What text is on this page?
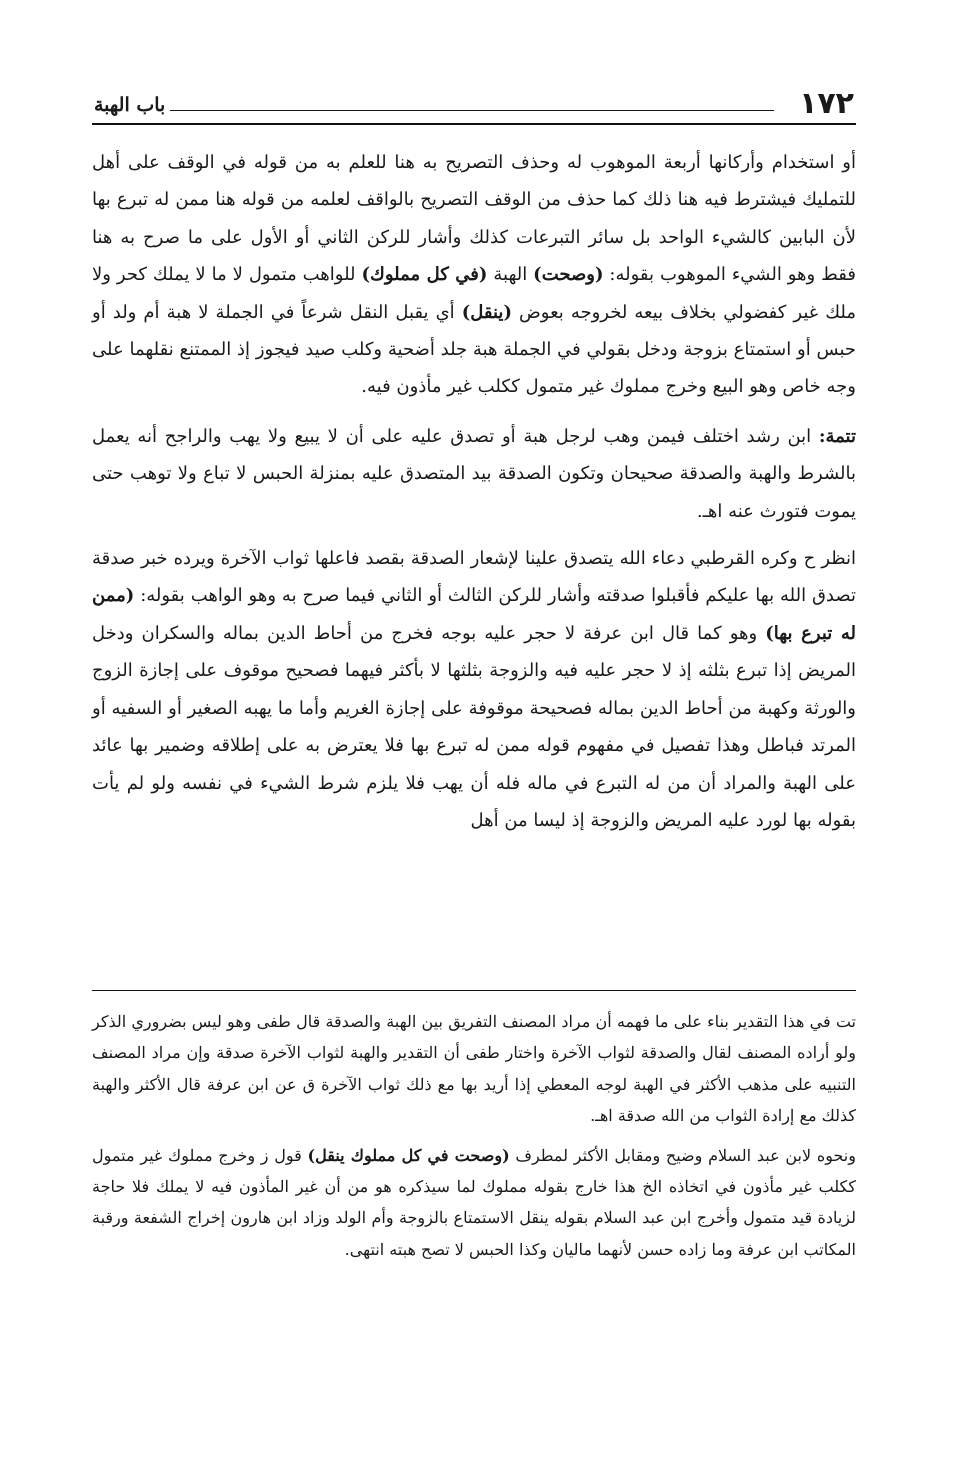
١٧٢
باب الهبة

أو استخدام وأركانها أربعة الموهوب له وحذف التصريح به هنا للعلم به من قوله في الوقف على أهل للتمليك فيشترط فيه هنا ذلك كما حذف من الوقف التصريح بالواقف لعلمه من قوله هنا ممن له تبرع بها لأن البابين كالشيء الواحد بل سائر التبرعات كذلك وأشار للركن الثاني أو الأول على ما صرح به هنا فقط وهو الشيء الموهوب بقوله: (وصحت) الهبة (في كل مملوك) للواهب متمول لا ما لا يملك كحر ولا ملك غير كفضولي بخلاف بيعه لخروجه بعوض (ينقل) أي يقبل النقل شرعاً في الجملة لا هبة أم ولد أو حبس أو استمتاع بزوجة ودخل بقولي في الجملة هبة جلد أضحية وكلب صيد فيجوز إذ الممتنع نقلهما على وجه خاص وهو البيع وخرج مملوك غير متمول ككلب غير مأذون فيه.

تتمة: ابن رشد اختلف فيمن وهب لرجل هبة أو تصدق عليه على أن لا يبيع ولا يهب والراجح أنه يعمل بالشرط والهبة والصدقة صحيحان وتكون الصدقة بيد المتصدق عليه بمنزلة الحبس لا تباع ولا توهب حتى يموت فتورث عنه اهـ.

انظر ح وكره القرطبي دعاء الله يتصدق علينا لإشعار الصدقة بقصد فاعلها ثواب الآخرة ويرده خبر صدقة تصدق الله بها عليكم فأقبلوا صدقته وأشار للركن الثالث أو الثاني فيما صرح به وهو الواهب بقوله: (ممن له تبرع بها) وهو كما قال ابن عرفة لا حجر عليه بوجه فخرج من أحاط الدين بماله والسكران ودخل المريض إذا تبرع بثلثه إذ لا حجر عليه فيه والزوجة بثلثها لا بأكثر فيهما فصحيح موقوف على إجازة الزوج والورثة وكهبة من أحاط الدين بماله فصحيحة موقوفة على إجازة الغريم وأما ما يهبه الصغير أو السفيه أو المرتد فباطل وهذا تفصيل في مفهوم قوله ممن له تبرع بها فلا يعترض به على إطلاقه وضمير بها عائد على الهبة والمراد أن من له التبرع في ماله فله أن يهب فلا يلزم شرط الشيء في نفسه ولو لم يأت بقوله بها لورد عليه المريض والزوجة إذ ليسا من أهل

تت في هذا التقدير بناء على ما فهمه أن مراد المصنف التفريق بين الهبة والصدقة قال طفى وهو ليس بضروري الذكر ولو أراده المصنف لقال والصدقة لثواب الآخرة واختار طفى أن التقدير والهبة لثواب الآخرة صدقة وإن مراد المصنف التنبيه على مذهب الأكثر في الهبة لوجه المعطي إذا أريد بها مع ذلك ثواب الآخرة ق عن ابن عرفة قال الأكثر والهبة كذلك مع إرادة الثواب من الله صدقة اهـ.

ونحوه لابن عبد السلام وضيح ومقابل الأكثر لمطرف (وصحت في كل مملوك ينقل) قول ز وخرج مملوك غير متمول ككلب غير مأذون في اتخاذه الخ هذا خارج بقوله مملوك لما سيذكره هو من أن غير المأذون فيه لا يملك فلا حاجة لزيادة قيد متمول وأخرج ابن عبد السلام بقوله ينقل الاستمتاع بالزوجة وأم الولد وزاد ابن هارون إخراج الشفعة ورقبة المكاتب ابن عرفة وما زاده حسن لأنهما ماليان وكذا الحبس لا تصح هبته انتهى.
